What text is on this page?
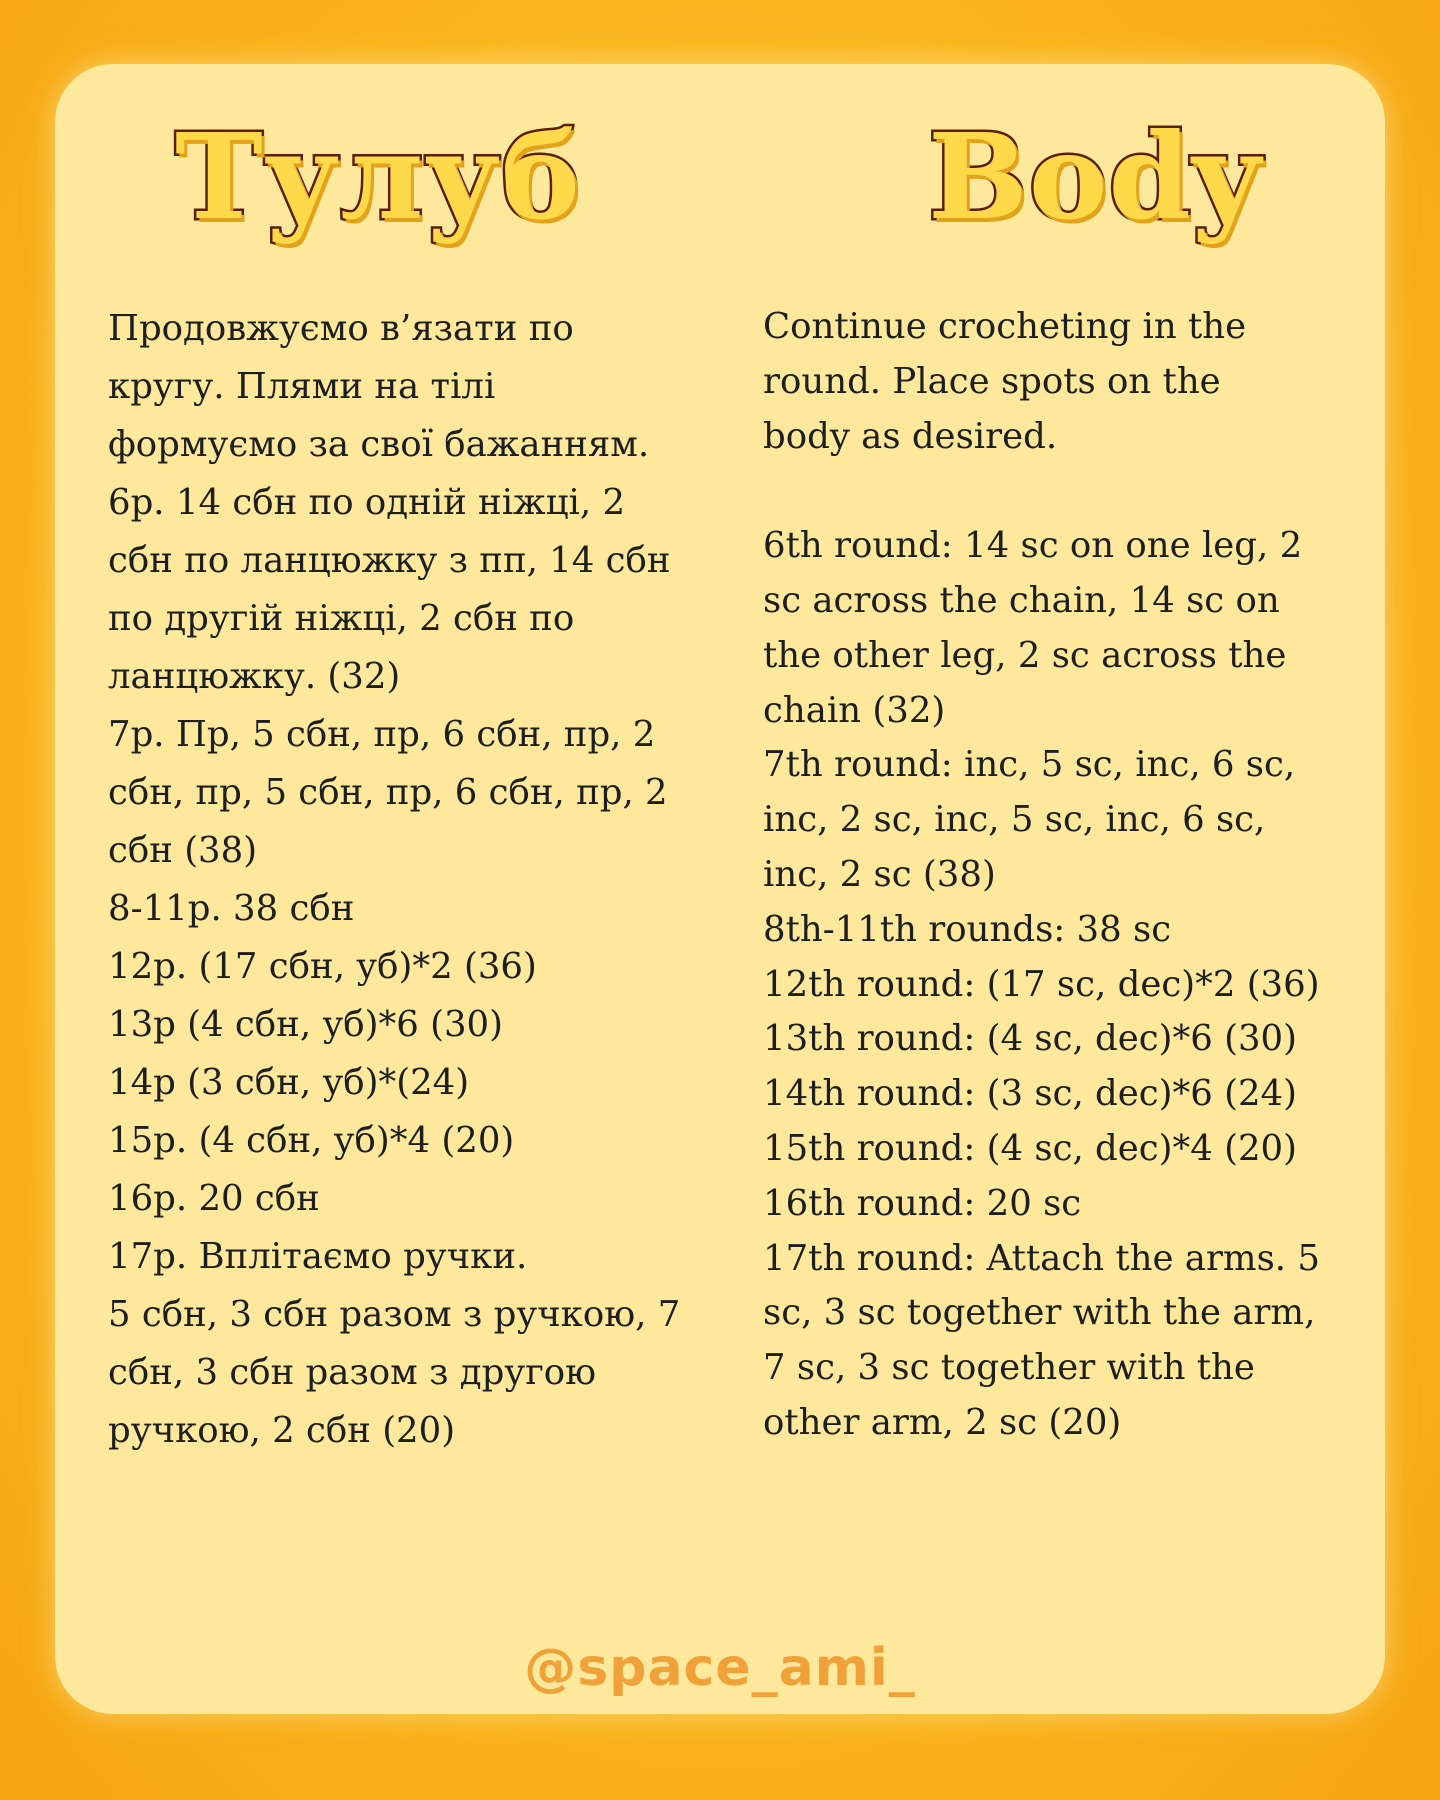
Тулуб	Body
Продовжуємо в’язати по
кругу. Плями на тілі
формуємо за свої бажанням.
6р. 14 сбн по одній ніжці, 2
сбн по ланцюжку з пп, 14 сбн
по другій ніжці, 2 сбн по
ланцюжку. (32)
7р. Пр, 5 сбн, пр, 6 сбн, пр, 2
сбн, пр, 5 сбн, пр, 6 сбн, пр, 2
сбн (38)
8-11р. 38 сбн
12р. (17 сбн, уб)*2 (36)
13р (4 сбн, уб)*6 (30)
14р (3 сбн, уб)*(24)
15р. (4 сбн, уб)*4 (20)
16р. 20 сбн
17р. Вплітаємо ручки.
5 сбн, 3 сбн разом з ручкою, 7
сбн, 3 сбн разом з другою
ручкою, 2 сбн (20)
Continue crocheting in the
round. Place spots on the
body as desired.

6th round: 14 sc on one leg, 2
sc across the chain, 14 sc on
the other leg, 2 sc across the
chain (32)
7th round: inc, 5 sc, inc, 6 sc,
inc, 2 sc, inc, 5 sc, inc, 6 sc,
inc, 2 sc (38)
8th-11th rounds: 38 sc
12th round: (17 sc, dec)*2 (36)
13th round: (4 sc, dec)*6 (30)
14th round: (3 sc, dec)*6 (24)
15th round: (4 sc, dec)*4 (20)
16th round: 20 sc
17th round: Attach the arms. 5
sc, 3 sc together with the arm,
7 sc, 3 sc together with the
other arm, 2 sc (20)
@space_ami_
